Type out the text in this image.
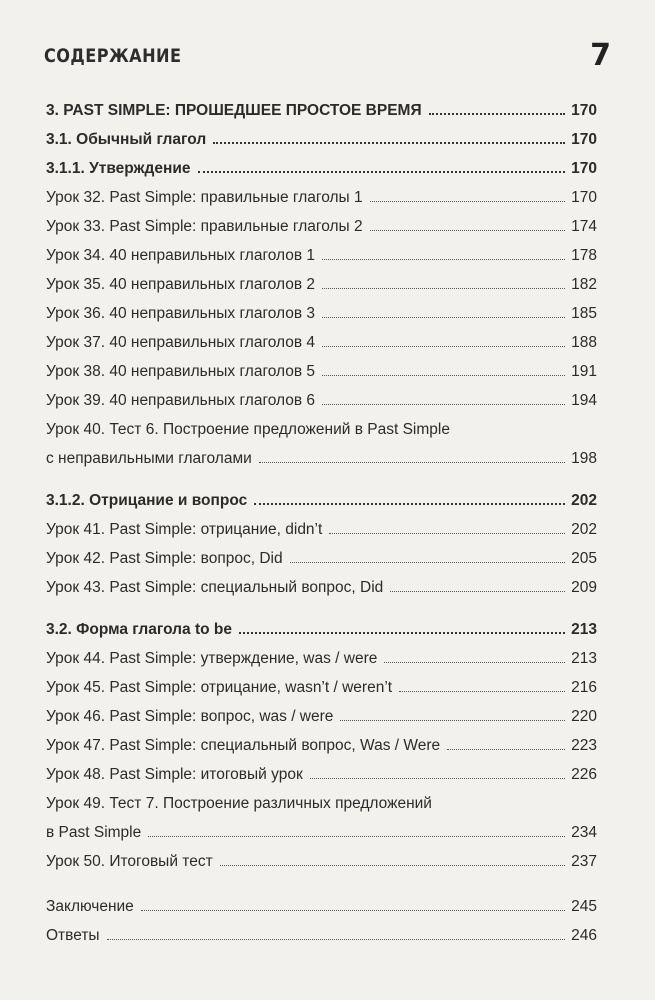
СОДЕРЖАНИЕ	7
3. PAST SIMPLE: ПРОШЕДШЕЕ ПРОСТОЕ ВРЕМЯ	170
3.1. Обычный глагол	170
3.1.1. Утверждение	170
Урок 32. Past Simple: правильные глаголы 1	170
Урок 33. Past Simple: правильные глаголы 2	174
Урок 34. 40 неправильных глаголов 1	178
Урок 35. 40 неправильных глаголов 2	182
Урок 36. 40 неправильных глаголов 3	185
Урок 37. 40 неправильных глаголов 4	188
Урок 38. 40 неправильных глаголов 5	191
Урок 39. 40 неправильных глаголов 6	194
Урок 40. Тест 6. Построение предложений в Past Simple
с неправильными глаголами	198
3.1.2. Отрицание и вопрос	202
Урок 41. Past Simple: отрицание, didn’t	202
Урок 42. Past Simple: вопрос, Did	205
Урок 43. Past Simple: специальный вопрос, Did	209
3.2. Форма глагола to be	213
Урок 44. Past Simple: утверждение, was / were	213
Урок 45. Past Simple: отрицание, wasn’t / weren’t	216
Урок 46. Past Simple: вопрос, was / were	220
Урок 47. Past Simple: специальный вопрос, Was / Were	223
Урок 48. Past Simple: итоговый урок	226
Урок 49. Тест 7. Построение различных предложений
в Past Simple	234
Урок 50. Итоговый тест	237
Заключение	245
Ответы	246
